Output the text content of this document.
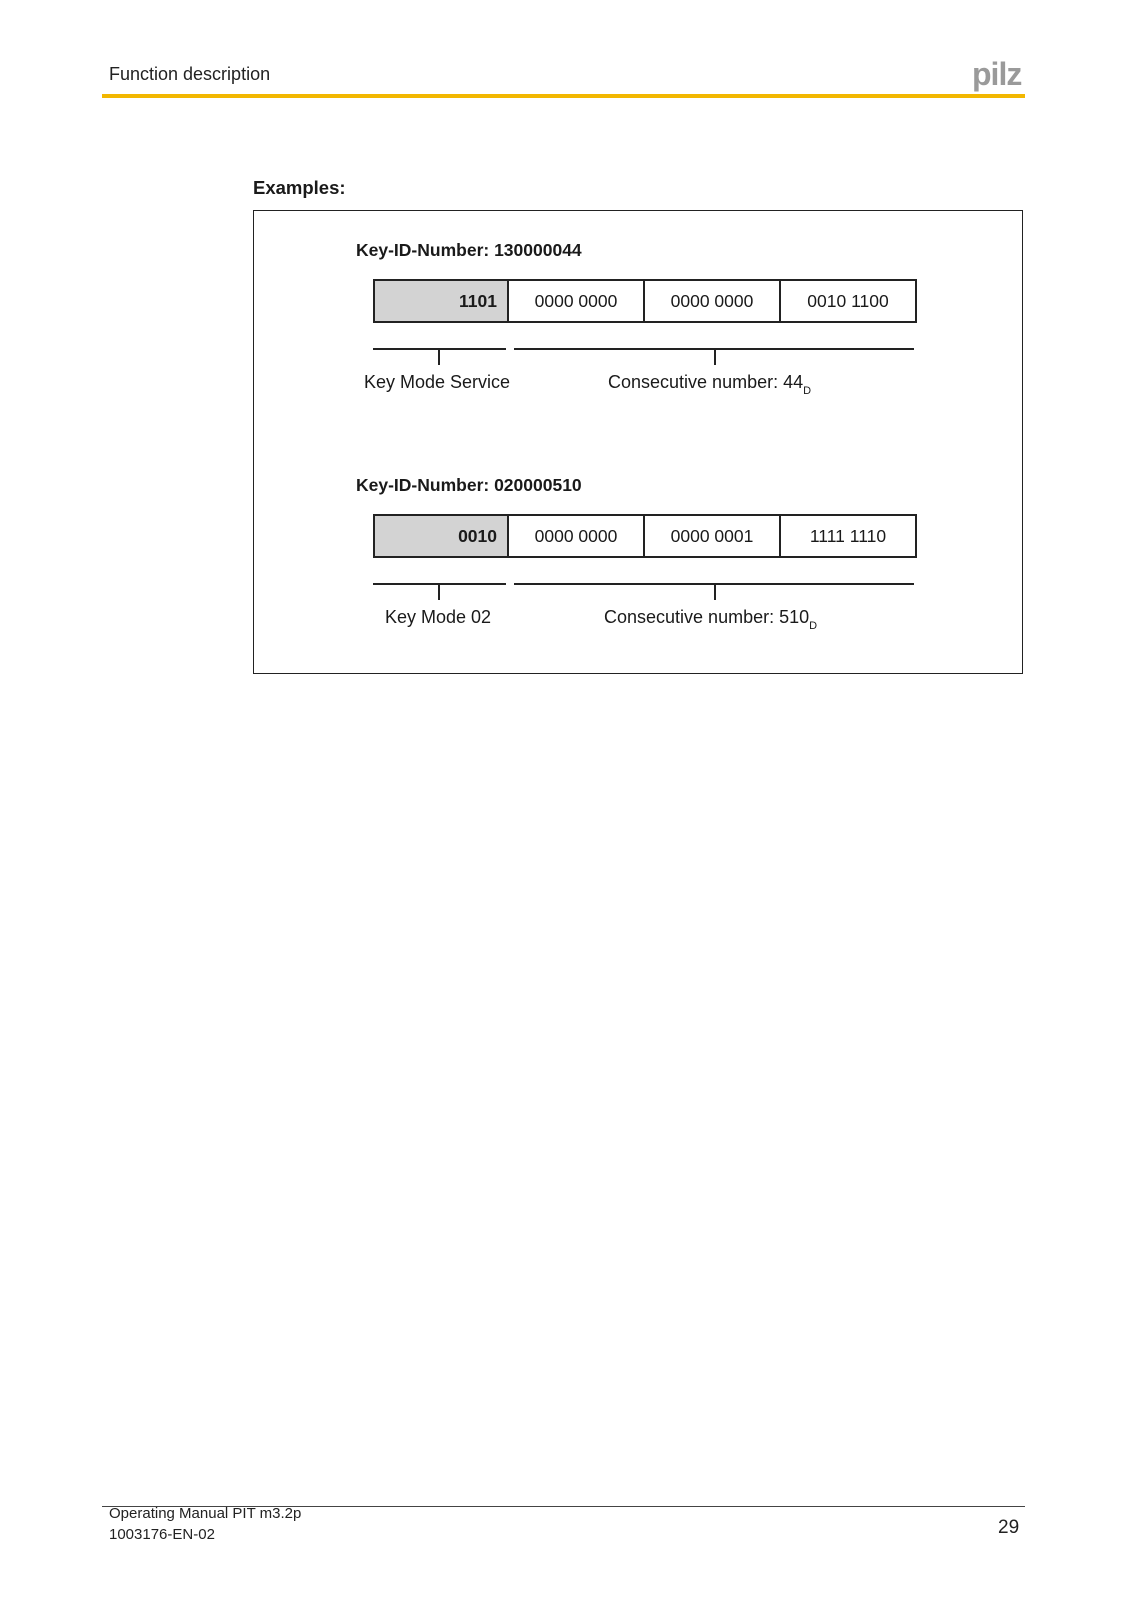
Function description	pilz
Examples:
Key-ID-Number: 130000044
1101	0000 0000	0000 0000	0010 1100
Key Mode Service	Consecutive number: $44_D$
Key-ID-Number: 020000510
0010	0000 0000	0000 0001	1111 1110
Key Mode 02	Consecutive number: $510_D$
Operating Manual PIT m3.2p
1003176-EN-02	29
